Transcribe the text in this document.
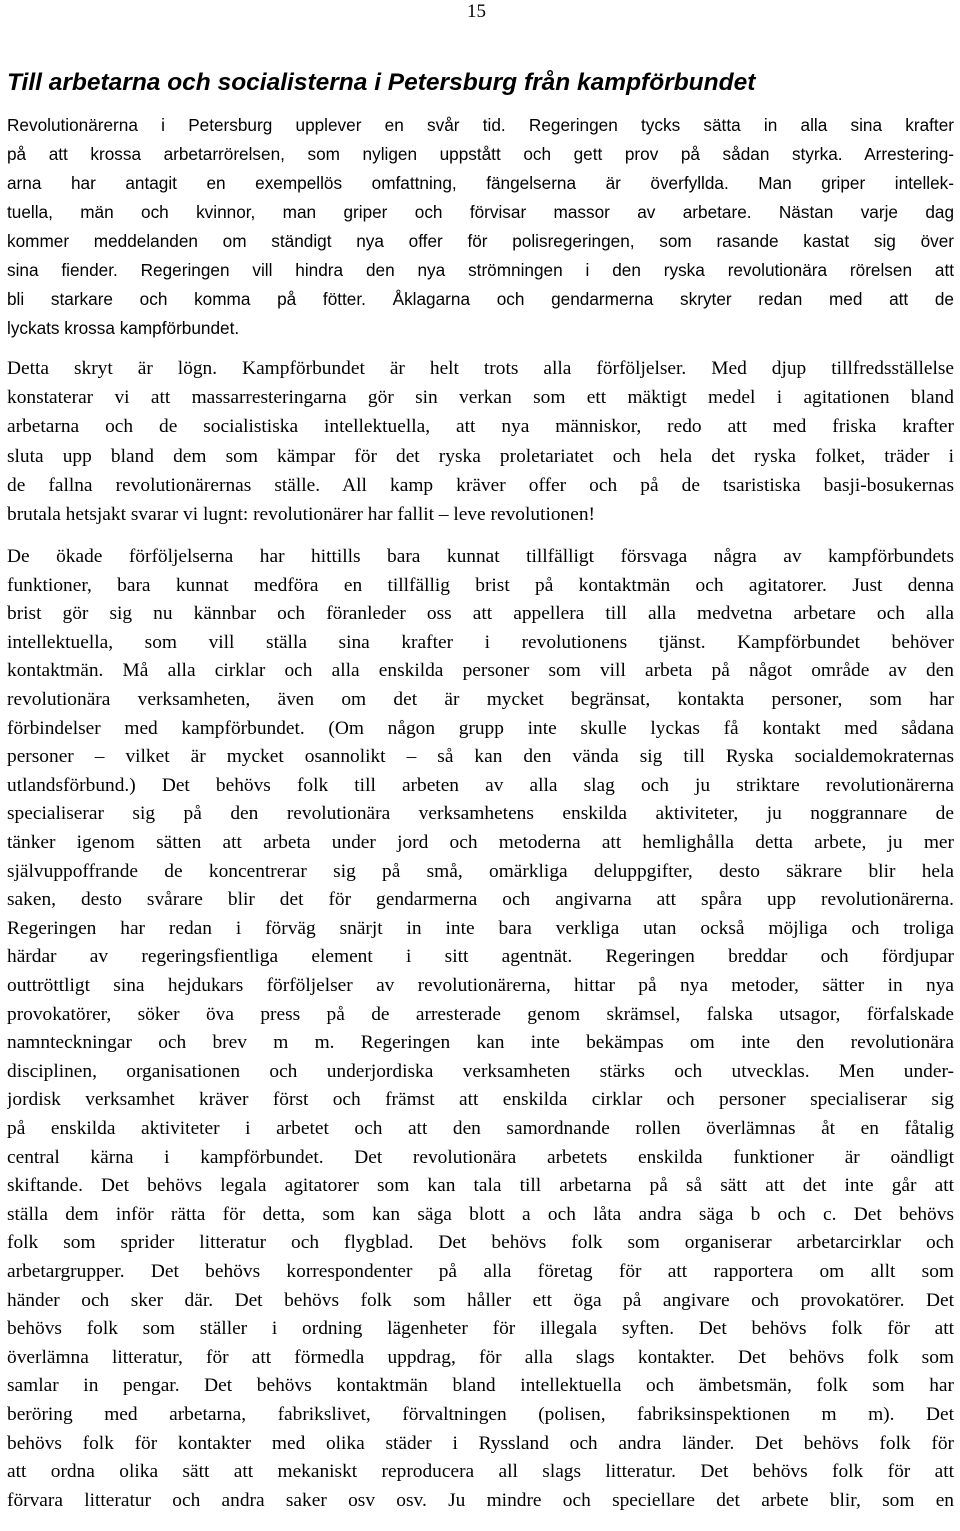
15
Till arbetarna och socialisterna i Petersburg från kampförbundet
Revolutionärerna i Petersburg upplever en svår tid. Regeringen tycks sätta in alla sina krafter
på att krossa arbetarrörelsen, som nyligen uppstått och gett prov på sådan styrka. Arrestering-
arna har antagit en exempellös omfattning, fängelserna är överfyllda. Man griper intellek-
tuella, män och kvinnor, man griper och förvisar massor av arbetare. Nästan varje dag
kommer meddelanden om ständigt nya offer för polisregeringen, som rasande kastat sig över
sina fiender. Regeringen vill hindra den nya strömningen i den ryska revolutionära rörelsen att
bli starkare och komma på fötter. Åklagarna och gendarmerna skryter redan med att de
lyckats krossa kampförbundet.
Detta skryt är lögn. Kampförbundet är helt trots alla förföljelser. Med djup tillfredsställelse
konstaterar vi att massarresteringarna gör sin verkan som ett mäktigt medel i agitationen bland
arbetarna och de socialistiska intellektuella, att nya människor, redo att med friska krafter
sluta upp bland dem som kämpar för det ryska proletariatet och hela det ryska folket, träder i
de fallna revolutionärernas ställe. All kamp kräver offer och på de tsaristiska basji-bosukernas
brutala hetsjakt svarar vi lugnt: revolutionärer har fallit – leve revolutionen!
De ökade förföljelserna har hittills bara kunnat tillfälligt försvaga några av kampförbundets
funktioner, bara kunnat medföra en tillfällig brist på kontaktmän och agitatorer. Just denna
brist gör sig nu kännbar och föranleder oss att appellera till alla medvetna arbetare och alla
intellektuella, som vill ställa sina krafter i revolutionens tjänst. Kampförbundet behöver
kontaktmän. Må alla cirklar och alla enskilda personer som vill arbeta på något område av den
revolutionära verksamheten, även om det är mycket begränsat, kontakta personer, som har
förbindelser med kampförbundet. (Om någon grupp inte skulle lyckas få kontakt med sådana
personer – vilket är mycket osannolikt – så kan den vända sig till Ryska socialdemokraternas
utlandsförbund.) Det behövs folk till arbeten av alla slag och ju striktare revolutionärerna
specialiserar sig på den revolutionära verksamhetens enskilda aktiviteter, ju noggrannare de
tänker igenom sätten att arbeta under jord och metoderna att hemlighålla detta arbete, ju mer
självuppoffrande de koncentrerar sig på små, omärkliga deluppgifter, desto säkrare blir hela
saken, desto svårare blir det för gendarmerna och angivarna att spåra upp revolutionärerna.
Regeringen har redan i förväg snärjt in inte bara verkliga utan också möjliga och troliga
härdar av regeringsfientliga element i sitt agentnät. Regeringen breddar och fördjupar
outtröttligt sina hejdukars förföljelser av revolutionärerna, hittar på nya metoder, sätter in nya
provokatörer, söker öva press på de arresterade genom skrämsel, falska utsagor, förfalskade
namnteckningar och brev m m. Regeringen kan inte bekämpas om inte den revolutionära
disciplinen, organisationen och underjordiska verksamheten stärks och utvecklas. Men under-
jordisk verksamhet kräver först och främst att enskilda cirklar och personer specialiserar sig
på enskilda aktiviteter i arbetet och att den samordnande rollen överlämnas åt en fåtalig
central kärna i kampförbundet. Det revolutionära arbetets enskilda funktioner är oändligt
skiftande. Det behövs legala agitatorer som kan tala till arbetarna på så sätt att det inte går att
ställa dem inför rätta för detta, som kan säga blott a och låta andra säga b och c. Det behövs
folk som sprider litteratur och flygblad. Det behövs folk som organiserar arbetarcirklar och
arbetargrupper. Det behövs korrespondenter på alla företag för att rapportera om allt som
händer och sker där. Det behövs folk som håller ett öga på angivare och provokatörer. Det
behövs folk som ställer i ordning lägenheter för illegala syften. Det behövs folk för att
överlämna litteratur, för att förmedla uppdrag, för alla slags kontakter. Det behövs folk som
samlar in pengar. Det behövs kontaktmän bland intellektuella och ämbetsmän, folk som har
beröring med arbetarna, fabrikslivet, förvaltningen (polisen, fabriksinspektionen m m). Det
behövs folk för kontakter med olika städer i Ryssland och andra länder. Det behövs folk för
att ordna olika sätt att mekaniskt reproducera all slags litteratur. Det behövs folk för att
förvara litteratur och andra saker osv osv. Ju mindre och speciellare det arbete blir, som en
